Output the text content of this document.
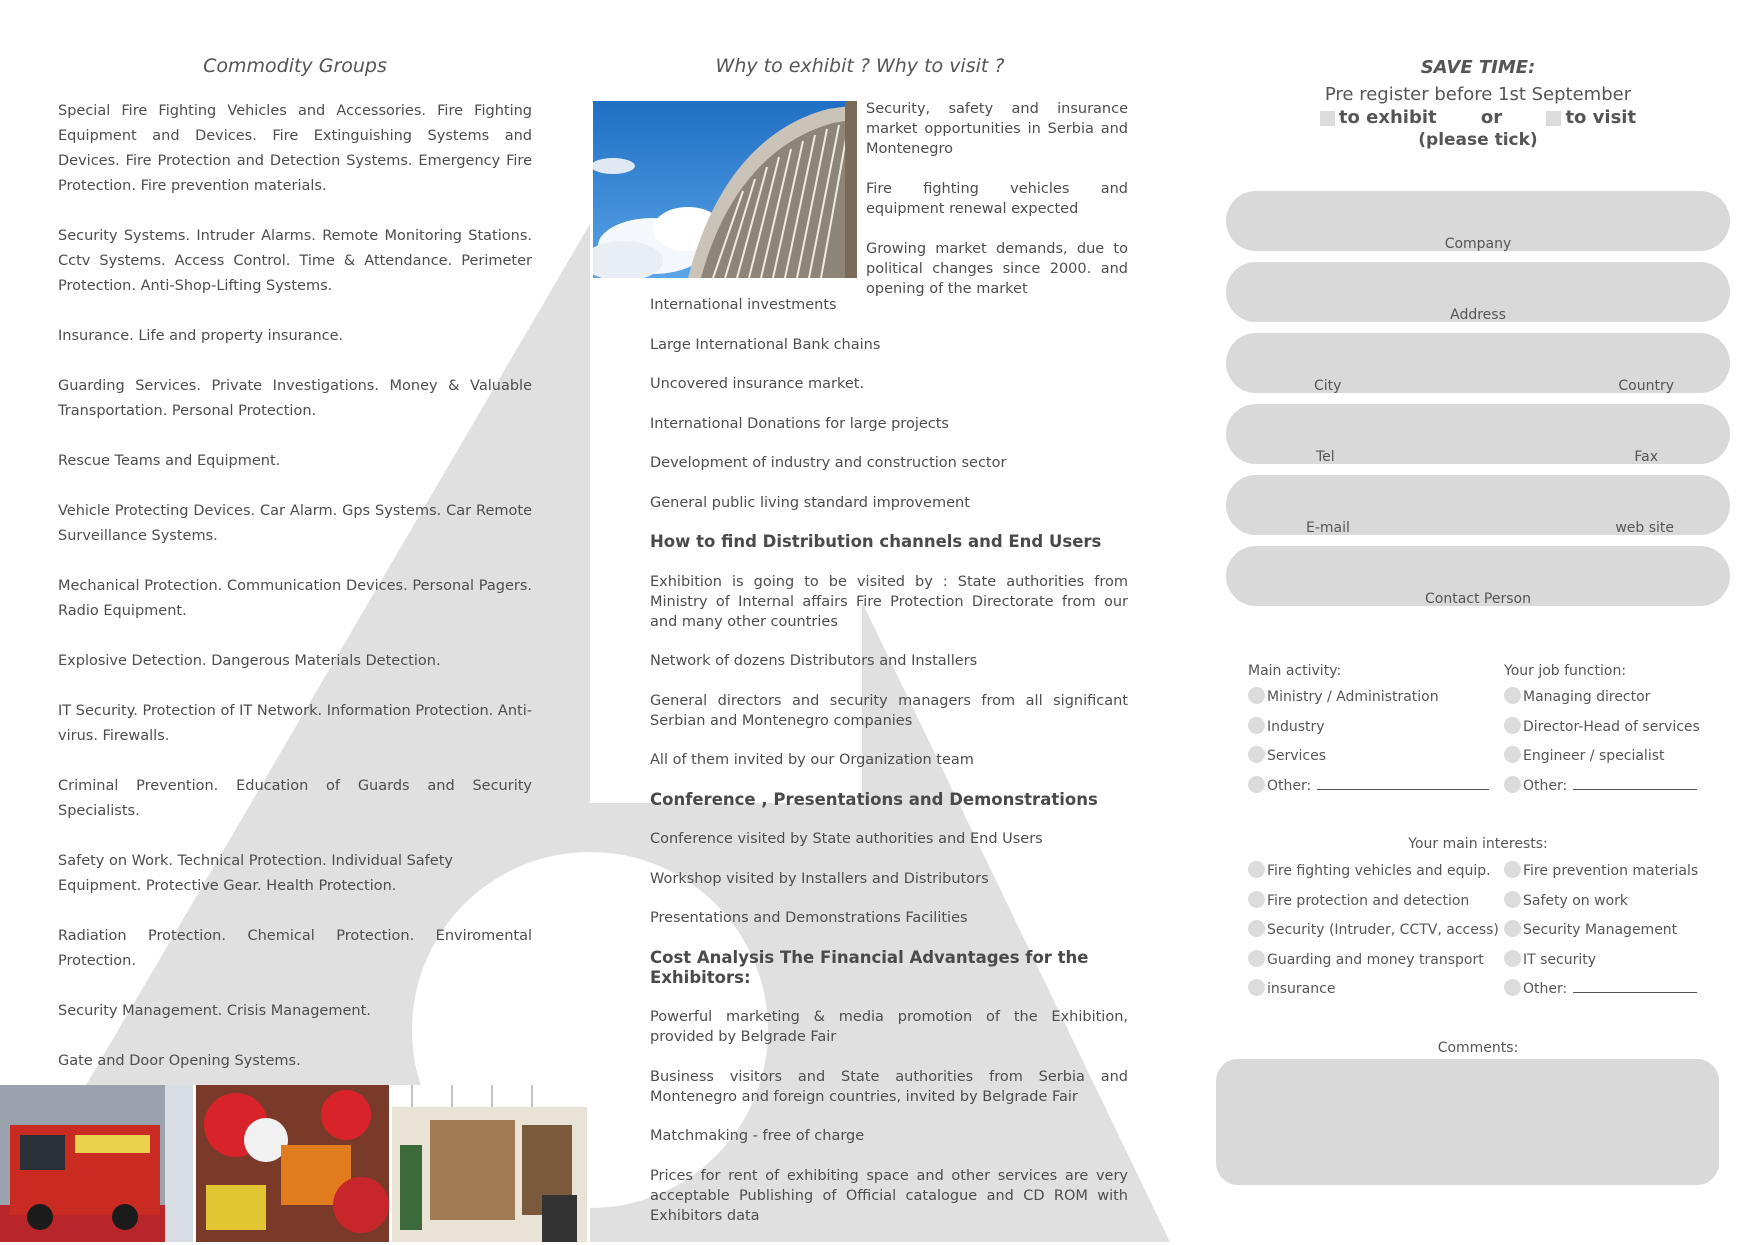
Commodity Groups

Special Fire Fighting Vehicles and Accessories. Fire Fighting Equipment and Devices. Fire Extinguishing Systems and Devices. Fire Protection and Detection Systems. Emergency Fire Protection. Fire prevention materials.

Security Systems. Intruder Alarms. Remote Monitoring Stations. Cctv Systems. Access Control. Time & Attendance. Perimeter Protection. Anti-Shop-Lifting Systems.

Insurance. Life and property insurance.

Guarding Services. Private Investigations. Money & Valuable Transportation. Personal Protection.

Rescue Teams and Equipment.

Vehicle Protecting Devices. Car Alarm. Gps Systems. Car Remote Surveillance Systems.

Mechanical Protection. Communication Devices. Personal Pagers. Radio Equipment.

Explosive Detection. Dangerous Materials Detection.

IT Security. Protection of IT Network. Information Protection. Anti-virus. Firewalls.

Criminal Prevention. Education of Guards and Security Specialists.

Safety on Work. Technical Protection. Individual Safety Equipment. Protective Gear. Health Protection.

Radiation Protection. Chemical Protection. Enviromental Protection.

Security Management. Crisis Management.

Gate and Door Opening Systems.

Why to exhibit ? Why to visit ?

Security, safety and insurance market opportunities in Serbia and Montenegro

Fire fighting vehicles and equipment renewal expected

Growing market demands, due to political changes since 2000. and opening of the market

International investments

Large International Bank chains

Uncovered insurance market.

International Donations for large projects

Development of industry and construction sector

General public living standard improvement

How to find Distribution channels and End Users

Exhibition is going to be visited by : State authorities from Ministry of Internal affairs Fire Protection Directorate from our and many other countries

Network of dozens Distributors and Installers

General directors and security managers from all significant Serbian and Montenegro companies

All of them invited by our Organization team

Conference , Presentations and Demonstrations

Conference visited by State authorities and End Users

Workshop visited by Installers and Distributors

Presentations and Demonstrations Facilities

Cost Analysis The Financial Advantages for the Exhibitors:

Powerful marketing & media promotion of the Exhibition, provided by Belgrade Fair

Business visitors and State authorities from Serbia and Montenegro and foreign countries, invited by Belgrade Fair

Matchmaking - free of charge

Prices for rent of exhibiting space and other services are very acceptable Publishing of Official catalogue and CD ROM with Exhibitors data

SAVE TIME:

Pre register before 1st September

to exhibit or	to visit

(please tick)

Company
Address
City	Country
Tel	Fax
E-mail	web site
Contact Person
Main activity:	Your job function:
Ministry / Administration
Industry
Services
Other:
Managing director
Director-Head of services
Engineer / specialist
Other:
Your main interests:
Fire fighting vehicles and equip.
Fire protection and detection
Security (Intruder, CCTV, access)
Guarding and money transport
insurance
Fire prevention materials
Safety on work
Security Management
IT security
Other:
Comments:
